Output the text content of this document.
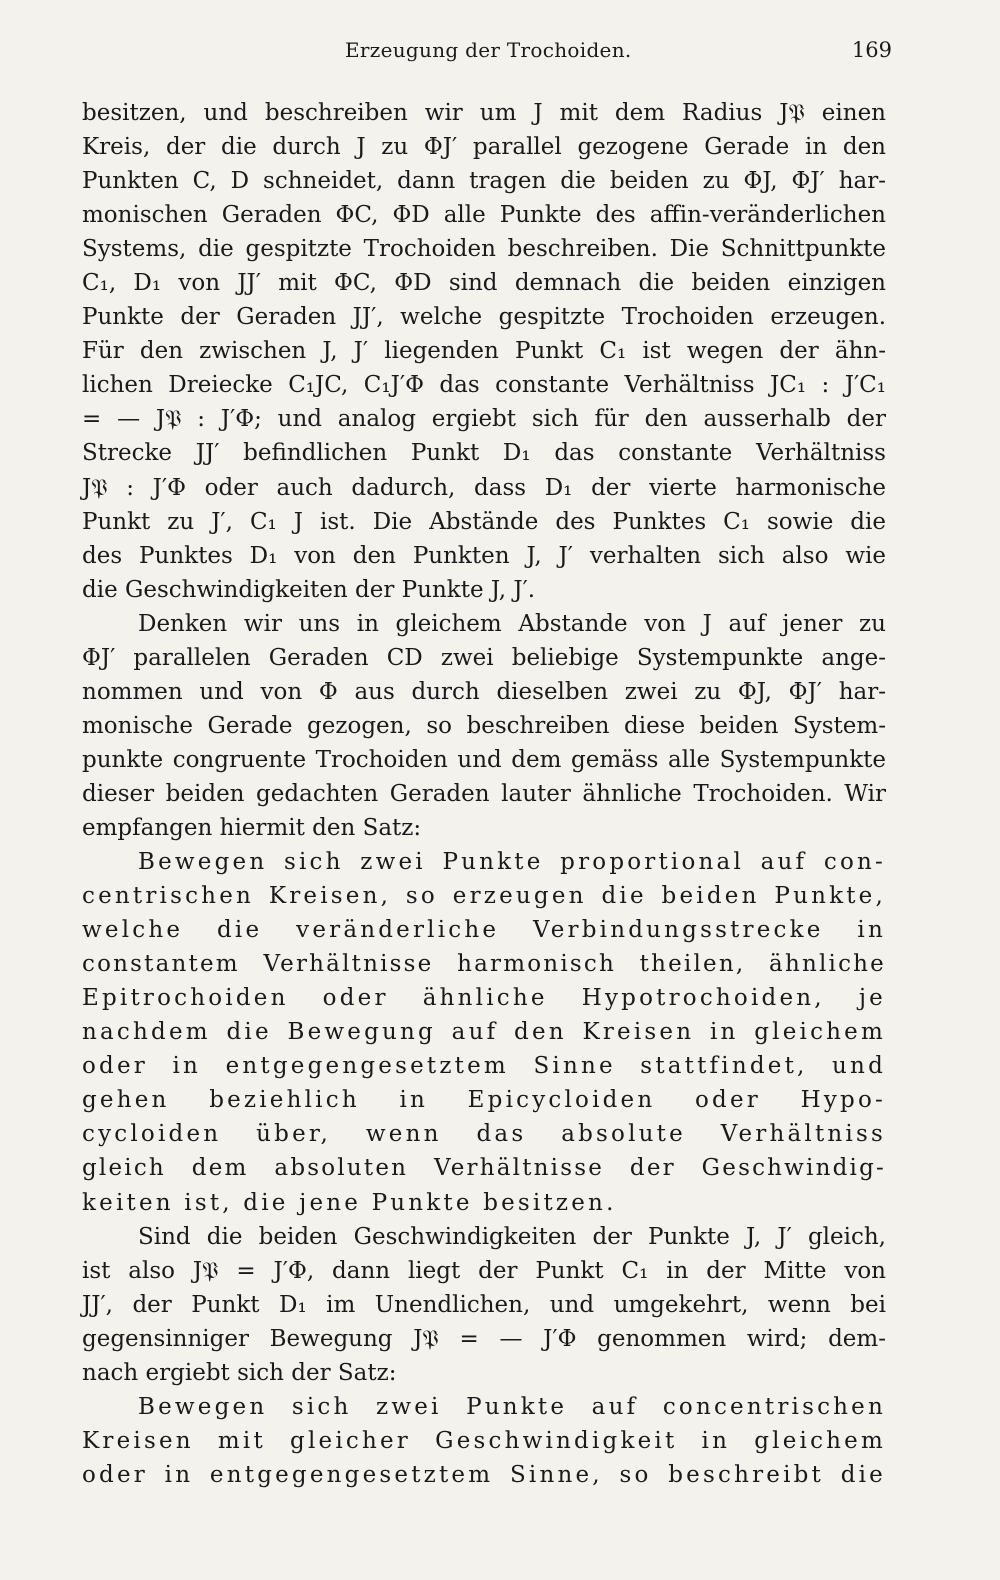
Erzeugung der Trochoiden.	169
besitzen, und beschreiben wir um J mit dem Radius J𝔓 einen
Kreis, der die durch J zu ΦJ′ parallel gezogene Gerade in den
Punkten C, D schneidet, dann tragen die beiden zu ΦJ, ΦJ′ har-
monischen Geraden ΦC, ΦD alle Punkte des affin-veränderlichen
Systems, die gespitzte Trochoiden beschreiben. Die Schnittpunkte
C₁, D₁ von JJ′ mit ΦC, ΦD sind demnach die beiden einzigen
Punkte der Geraden JJ′, welche gespitzte Trochoiden erzeugen.
Für den zwischen J, J′ liegenden Punkt C₁ ist wegen der ähn-
lichen Dreiecke C₁JC, C₁J′Φ das constante Verhältniss JC₁ : J′C₁
= — J𝔓 : J′Φ; und analog ergiebt sich für den ausserhalb der
Strecke JJ′ befindlichen Punkt D₁ das constante Verhältniss
J𝔓 : J′Φ oder auch dadurch, dass D₁ der vierte harmonische
Punkt zu J′, C₁ J ist. Die Abstände des Punktes C₁ sowie die
des Punktes D₁ von den Punkten J, J′ verhalten sich also wie
die Geschwindigkeiten der Punkte J, J′.
Denken wir uns in gleichem Abstande von J auf jener zu
ΦJ′ parallelen Geraden CD zwei beliebige Systempunkte ange-
nommen und von Φ aus durch dieselben zwei zu ΦJ, ΦJ′ har-
monische Gerade gezogen, so beschreiben diese beiden System-
punkte congruente Trochoiden und dem gemäss alle Systempunkte
dieser beiden gedachten Geraden lauter ähnliche Trochoiden. Wir
empfangen hiermit den Satz:
Bewegen sich zwei Punkte proportional auf con-
centrischen Kreisen, so erzeugen die beiden Punkte,
welche die veränderliche Verbindungsstrecke in
constantem Verhältnisse harmonisch theilen, ähnliche
Epitrochoiden oder ähnliche Hypotrochoiden, je
nachdem die Bewegung auf den Kreisen in gleichem
oder in entgegengesetztem Sinne stattfindet, und
gehen beziehlich in Epicycloiden oder Hypo-
cycloiden über, wenn das absolute Verhältniss
gleich dem absoluten Verhältnisse der Geschwindig-
keiten ist, die jene Punkte besitzen.
Sind die beiden Geschwindigkeiten der Punkte J, J′ gleich,
ist also J𝔓 = J′Φ, dann liegt der Punkt C₁ in der Mitte von
JJ′, der Punkt D₁ im Unendlichen, und umgekehrt, wenn bei
gegensinniger Bewegung J𝔓 = — J′Φ genommen wird; dem-
nach ergiebt sich der Satz:
Bewegen sich zwei Punkte auf concentrischen
Kreisen mit gleicher Geschwindigkeit in gleichem
oder in entgegengesetztem Sinne, so beschreibt die
